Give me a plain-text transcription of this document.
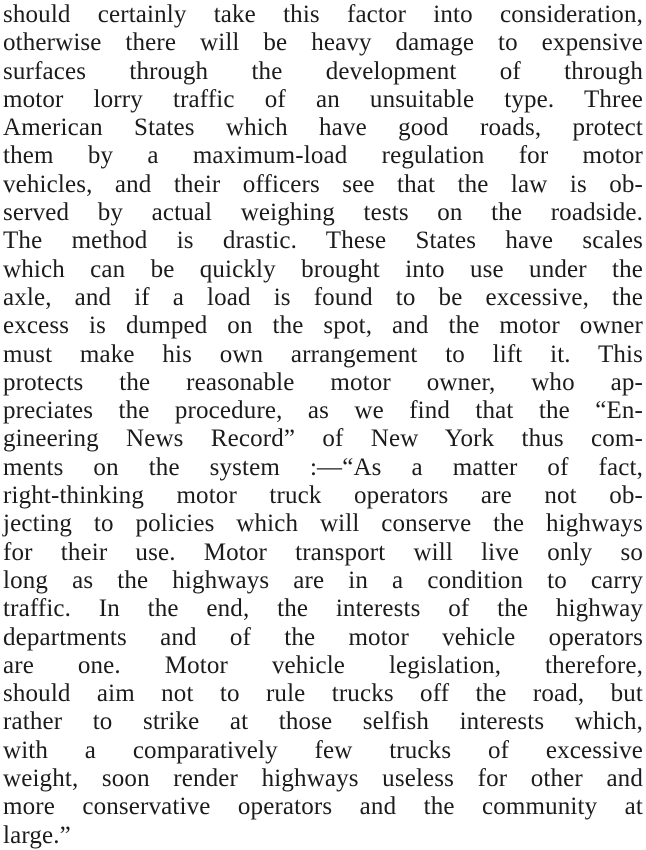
should certainly take this factor into consideration,
otherwise there will be heavy damage to expensive
surfaces through the development of through
motor lorry traffic of an unsuitable type. Three
American States which have good roads, protect
them by a maximum-load regulation for motor
vehicles, and their officers see that the law is ob-
served by actual weighing tests on the roadside.
The method is drastic. These States have scales
which can be quickly brought into use under the
axle, and if a load is found to be excessive, the
excess is dumped on the spot, and the motor owner
must make his own arrangement to lift it. This
protects the reasonable motor owner, who ap-
preciates the procedure, as we find that the “En-
gineering News Record” of New York thus com-
ments on the system :—“As a matter of fact,
right-thinking motor truck operators are not ob-
jecting to policies which will conserve the highways
for their use. Motor transport will live only so
long as the highways are in a condition to carry
traffic. In the end, the interests of the highway
departments and of the motor vehicle operators
are one. Motor vehicle legislation, therefore,
should aim not to rule trucks off the road, but
rather to strike at those selfish interests which,
with a comparatively few trucks of excessive
weight, soon render highways useless for other and
more conservative operators and the community at
large.”
